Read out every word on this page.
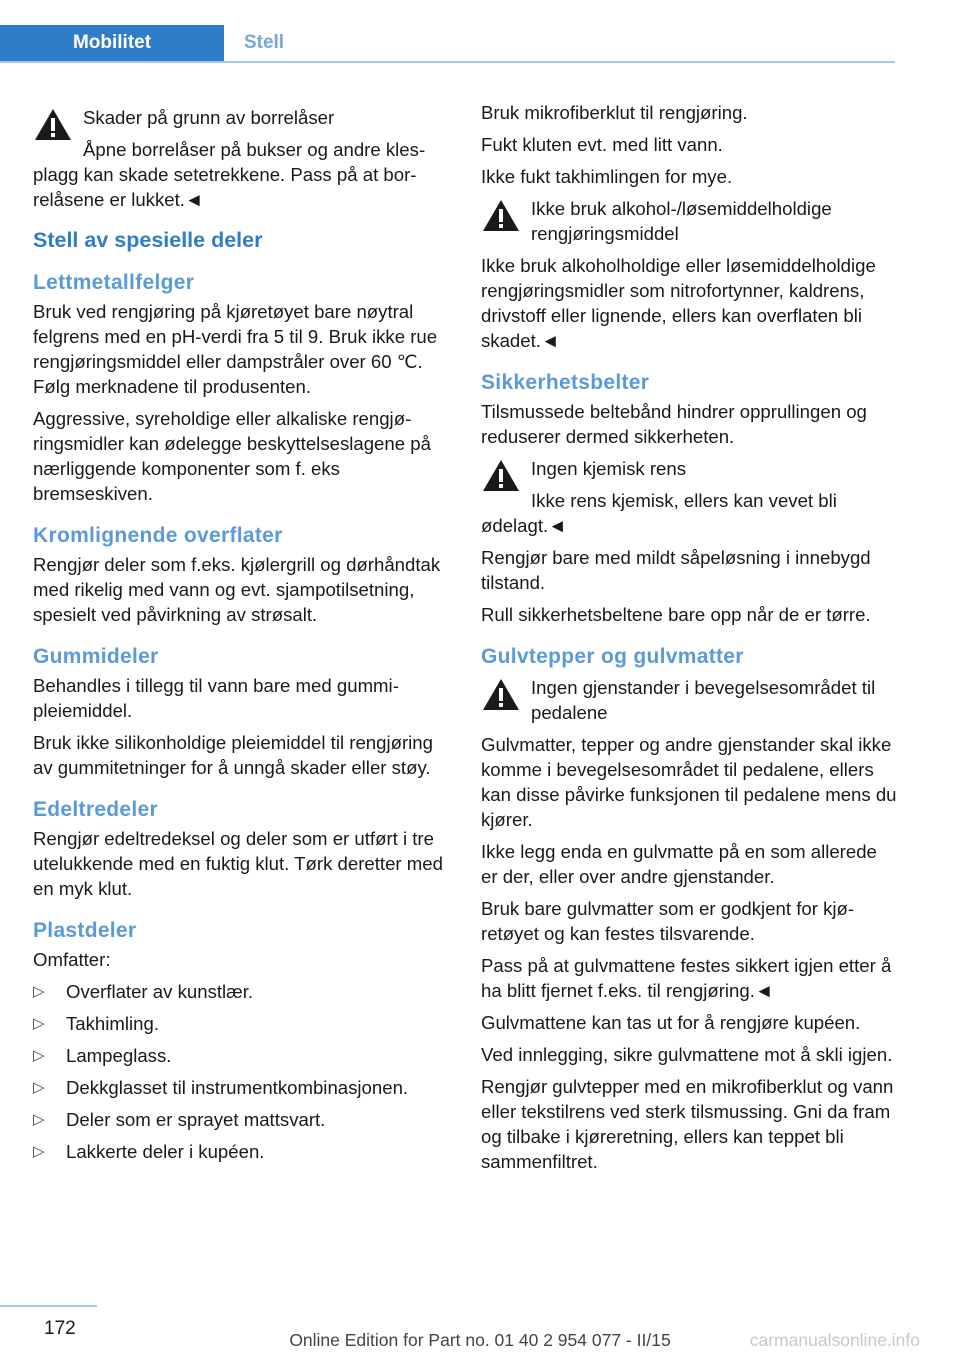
Mobilitet	Stell
Skader på grunn av borrelåser
Åpne borrelåser på bukser og andre klesplagg kan skade setetrekkene. Pass på at borrelåsene er lukket.◄
Stell av spesielle deler
Lettmetallfelger

Bruk ved rengjøring på kjøretøyet bare nøytral felgrens med en pH-verdi fra 5 til 9. Bruk ikke rue rengjøringsmiddel eller dampstråler over 60 ℃. Følg merknadene til produsenten.

Aggressive, syreholdige eller alkaliske rengjøringsmidler kan ødelegge beskyttelseslagene på nærliggende komponenter som f. eks bremseskiven.

Kromlignende overflater

Rengjør deler som f.eks. kjølergrill og dørhåndtak med rikelig med vann og evt. sjampotilsetning, spesielt ved påvirkning av strøsalt.

Gummideler

Behandles i tillegg til vann bare med gummipleiemiddel.

Bruk ikke silikonholdige pleiemiddel til rengjøring av gummitetninger for å unngå skader eller støy.

Edeltredeler

Rengjør edeltredeksel og deler som er utført i tre utelukkende med en fuktig klut. Tørk deretter med en myk klut.

Plastdeler

Omfatter:

▷ Overflater av kunstlær.
▷ Takhimling.
▷ Lampeglass.
▷ Dekkglasset til instrumentkombinasjonen.
▷ Deler som er sprayet mattsvart.
▷ Lakkerte deler i kupéen.

Bruk mikrofiberklut til rengjøring.

Fukt kluten evt. med litt vann.

Ikke fukt takhimlingen for mye.

Ikke bruk alkohol-/løsemiddelholdige rengjøringsmiddel
Ikke bruk alkoholholdige eller løsemiddelholdige rengjøringsmidler som nitrofortynner, kaldrens, drivstoff eller lignende, ellers kan overflaten bli skadet.◄
Sikkerhetsbelter

Tilsmussede beltebånd hindrer opprullingen og reduserer dermed sikkerheten.

Ingen kjemisk rens
Ikke rens kjemisk, ellers kan vevet bli ødelagt.◄

Rengjør bare med mildt såpeløsning i innebygd tilstand.

Rull sikkerhetsbeltene bare opp når de er tørre.

Gulvtepper og gulvmatter
Ingen gjenstander i bevegelsesområdet til pedalene
Gulvmatter, tepper og andre gjenstander skal ikke komme i bevegelsesområdet til pedalene, ellers kan disse påvirke funksjonen til pedalene mens du kjører.

Ikke legg enda en gulvmatte på en som allerede er der, eller over andre gjenstander.

Bruk bare gulvmatter som er godkjent for kjøretøyet og kan festes tilsvarende.

Pass på at gulvmattene festes sikkert igjen etter å ha blitt fjernet f.eks. til rengjøring.◄

Gulvmattene kan tas ut for å rengjøre kupéen.

Ved innlegging, sikre gulvmattene mot å skli igjen.

Rengjør gulvtepper med en mikrofiberklut og vann eller tekstilrens ved sterk tilsmussing. Gni da fram og tilbake i kjøreretning, ellers kan teppet bli sammenfiltret.

172
Online Edition for Part no. 01 40 2 954 077 - II/15	carmanualsonline.info
